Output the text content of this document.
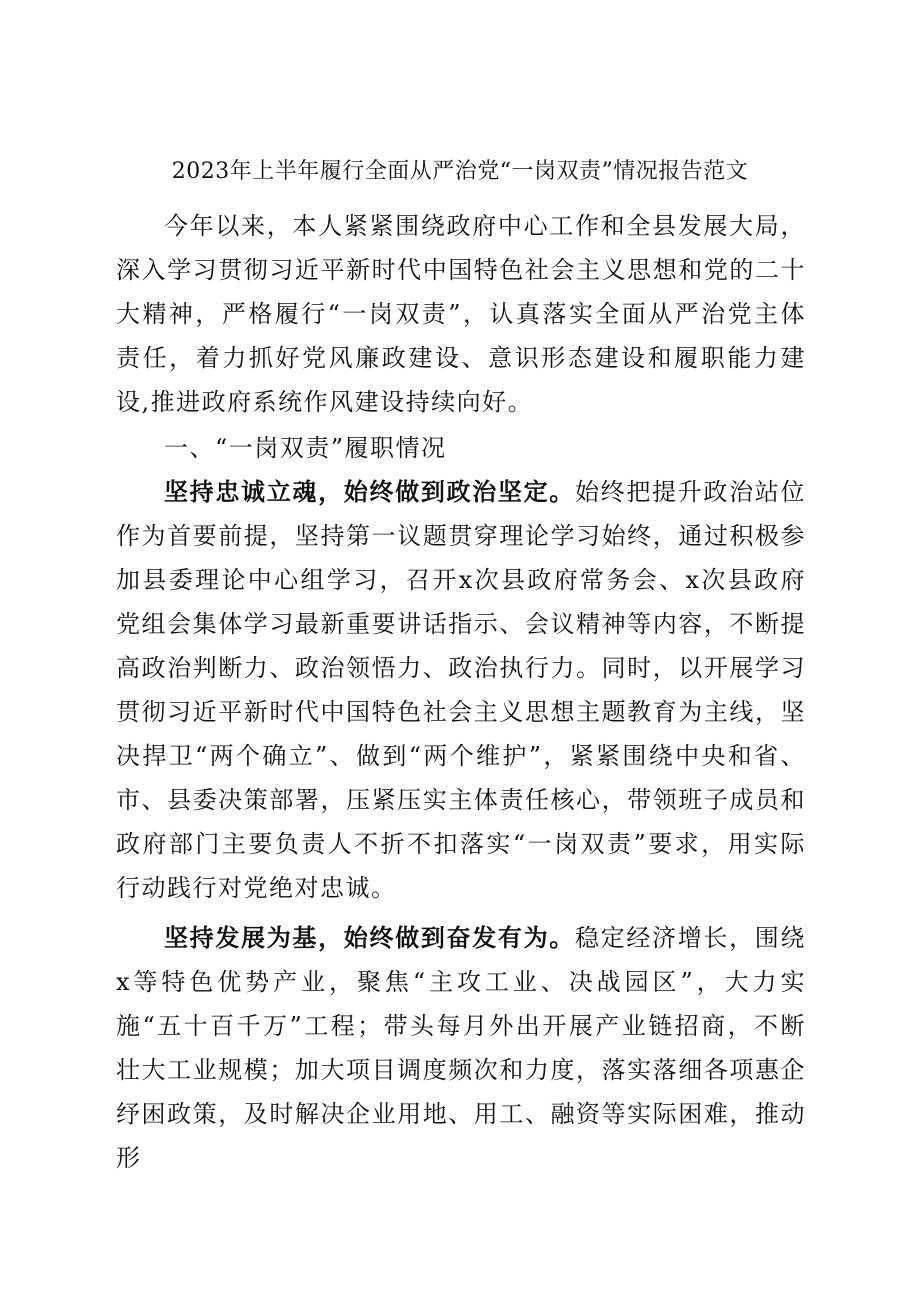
2023年上半年履行全面从严治党“一岗双责”情况报告范文

今年以来，本人紧紧围绕政府中心工作和全县发展大局，深入学习贯彻习近平新时代中国特色社会主义思想和党的二十大精神，严格履行“一岗双责”，认真落实全面从严治党主体责任，着力抓好党风廉政建设、意识形态建设和履职能力建设,推进政府系统作风建设持续向好。

一、“一岗双责”履职情况

坚持忠诚立魂，始终做到政治坚定。始终把提升政治站位作为首要前提，坚持第一议题贯穿理论学习始终，通过积极参加县委理论中心组学习，召开x次县政府常务会、x次县政府党组会集体学习最新重要讲话指示、会议精神等内容，不断提高政治判断力、政治领悟力、政治执行力。同时，以开展学习贯彻习近平新时代中国特色社会主义思想主题教育为主线，坚决捍卫“两个确立”、做到“两个维护”，紧紧围绕中央和省、市、县委决策部署，压紧压实主体责任核心，带领班子成员和政府部门主要负责人不折不扣落实“一岗双责”要求，用实际行动践行对党绝对忠诚。

坚持发展为基，始终做到奋发有为。稳定经济增长，围绕x等特色优势产业，聚焦“主攻工业、决战园区”，大力实施“五十百千万”工程；带头每月外出开展产业链招商，不断壮大工业规模；加大项目调度频次和力度，落实落细各项惠企纾困政策，及时解决企业用地、用工、融资等实际困难，推动形
